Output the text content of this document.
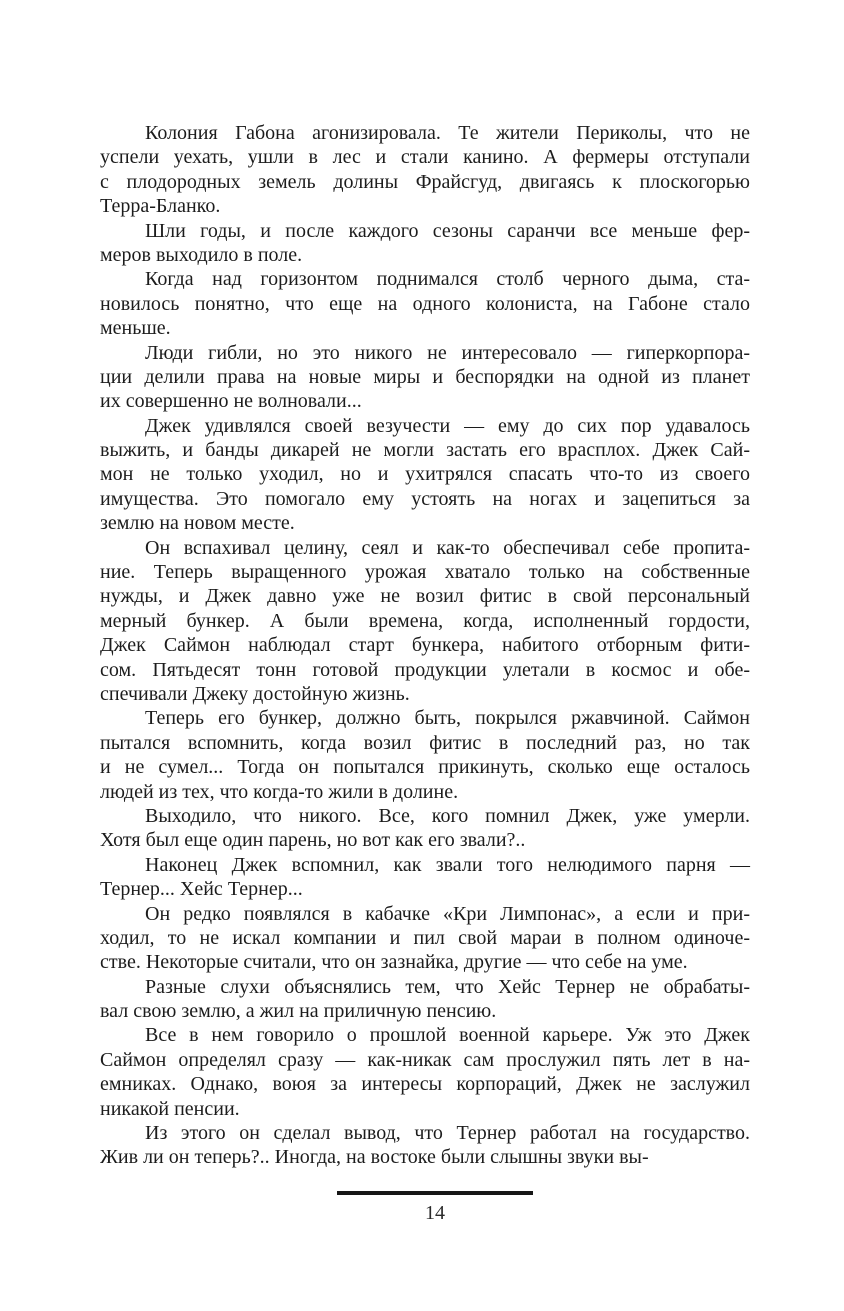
Колония Габона агонизировала. Те жители Периколы, что не
успели уехать, ушли в лес и стали канино. А фермеры отступали
с плодородных земель долины Фрайсгуд, двигаясь к плоскогорью
Терра-Бланко.
Шли годы, и после каждого сезоны саранчи все меньше фер-
меров выходило в поле.
Когда над горизонтом поднимался столб черного дыма, ста-
новилось понятно, что еще на одного колониста, на Габоне стало
меньше.
Люди гибли, но это никого не интересовало — гиперкорпора-
ции делили права на новые миры и беспорядки на одной из планет
их совершенно не волновали...
Джек удивлялся своей везучести — ему до сих пор удавалось
выжить, и банды дикарей не могли застать его врасплох. Джек Сай-
мон не только уходил, но и ухитрялся спасать что-то из своего
имущества. Это помогало ему устоять на ногах и зацепиться за
землю на новом месте.
Он вспахивал целину, сеял и как-то обеспечивал себе пропита-
ние. Теперь выращенного урожая хватало только на собственные
нужды, и Джек давно уже не возил фитис в свой персональный
мерный бункер. А были времена, когда, исполненный гордости,
Джек Саймон наблюдал старт бункера, набитого отборным фити-
сом. Пятьдесят тонн готовой продукции улетали в космос и обе-
спечивали Джеку достойную жизнь.
Теперь его бункер, должно быть, покрылся ржавчиной. Саймон
пытался вспомнить, когда возил фитис в последний раз, но так
и не сумел... Тогда он попытался прикинуть, сколько еще осталось
людей из тех, что когда-то жили в долине.
Выходило, что никого. Все, кого помнил Джек, уже умерли.
Хотя был еще один парень, но вот как его звали?..
Наконец Джек вспомнил, как звали того нелюдимого парня —
Тернер... Хейс Тернер...
Он редко появлялся в кабачке «Кри Лимпонас», а если и при-
ходил, то не искал компании и пил свой мараи в полном одиноче-
стве. Некоторые считали, что он зазнайка, другие — что себе на уме.
Разные слухи объяснялись тем, что Хейс Тернер не обрабаты-
вал свою землю, а жил на приличную пенсию.
Все в нем говорило о прошлой военной карьере. Уж это Джек
Саймон определял сразу — как-никак сам прослужил пять лет в на-
емниках. Однако, воюя за интересы корпораций, Джек не заслужил
никакой пенсии.
Из этого он сделал вывод, что Тернер работал на государство.
Жив ли он теперь?.. Иногда, на востоке были слышны звуки вы-
14
